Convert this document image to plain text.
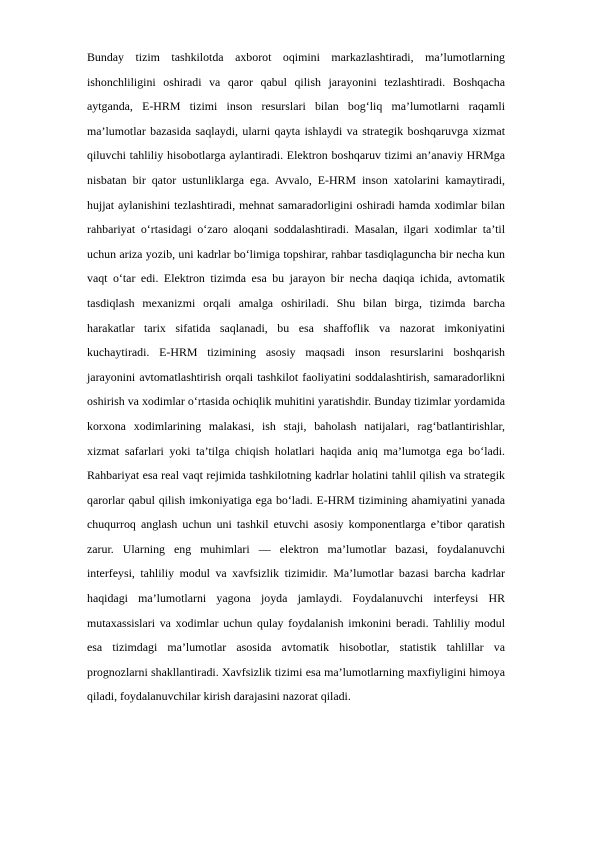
Bunday tizim tashkilotda axborot oqimini markazlashtiradi, ma’lumotlarning ishonchliligini oshiradi va qaror qabul qilish jarayonini tezlashtiradi. Boshqacha aytganda, E-HRM tizimi inson resurslari bilan bog‘liq ma’lumotlarni raqamli ma’lumotlar bazasida saqlaydi, ularni qayta ishlaydi va strategik boshqaruvga xizmat qiluvchi tahliliy hisobotlarga aylantiradi. Elektron boshqaruv tizimi an’anaviy HRMga nisbatan bir qator ustunliklarga ega. Avvalo, E-HRM inson xatolarini kamaytiradi, hujjat aylanishini tezlashtiradi, mehnat samaradorligini oshiradi hamda xodimlar bilan rahbariyat o‘rtasidagi o‘zaro aloqani soddalashtiradi. Masalan, ilgari xodimlar ta’til uchun ariza yozib, uni kadrlar bo‘limiga topshirar, rahbar tasdiqlaguncha bir necha kun vaqt o‘tar edi. Elektron tizimda esa bu jarayon bir necha daqiqa ichida, avtomatik tasdiqlash mexanizmi orqali amalga oshiriladi. Shu bilan birga, tizimda barcha harakatlar tarix sifatida saqlanadi, bu esa shaffoflik va nazorat imkoniyatini kuchaytiradi. E-HRM tizimining asosiy maqsadi inson resurslarini boshqarish jarayonini avtomatlashtirish orqali tashkilot faoliyatini soddalashtirish, samaradorlikni oshirish va xodimlar o‘rtasida ochiqlik muhitini yaratishdir. Bunday tizimlar yordamida korxona xodimlarining malakasi, ish staji, baholash natijalari, rag‘batlantirishlar, xizmat safarlari yoki ta’tilga chiqish holatlari haqida aniq ma’lumotga ega bo‘ladi. Rahbariyat esa real vaqt rejimida tashkilotning kadrlar holatini tahlil qilish va strategik qarorlar qabul qilish imkoniyatiga ega bo‘ladi. E-HRM tizimining ahamiyatini yanada chuqurroq anglash uchun uni tashkil etuvchi asosiy komponentlarga e’tibor qaratish zarur. Ularning eng muhimlari — elektron ma’lumotlar bazasi, foydalanuvchi interfeysi, tahliliy modul va xavfsizlik tizimidir. Ma’lumotlar bazasi barcha kadrlar haqidagi ma’lumotlarni yagona joyda jamlaydi. Foydalanuvchi interfeysi HR mutaxassislari va xodimlar uchun qulay foydalanish imkonini beradi. Tahliliy modul esa tizimdagi ma’lumotlar asosida avtomatik hisobotlar, statistik tahlillar va prognozlarni shakllantiradi. Xavfsizlik tizimi esa ma’lumotlarning maxfiyligini himoya qiladi, foydalanuvchilar kirish darajasini nazorat qiladi.
